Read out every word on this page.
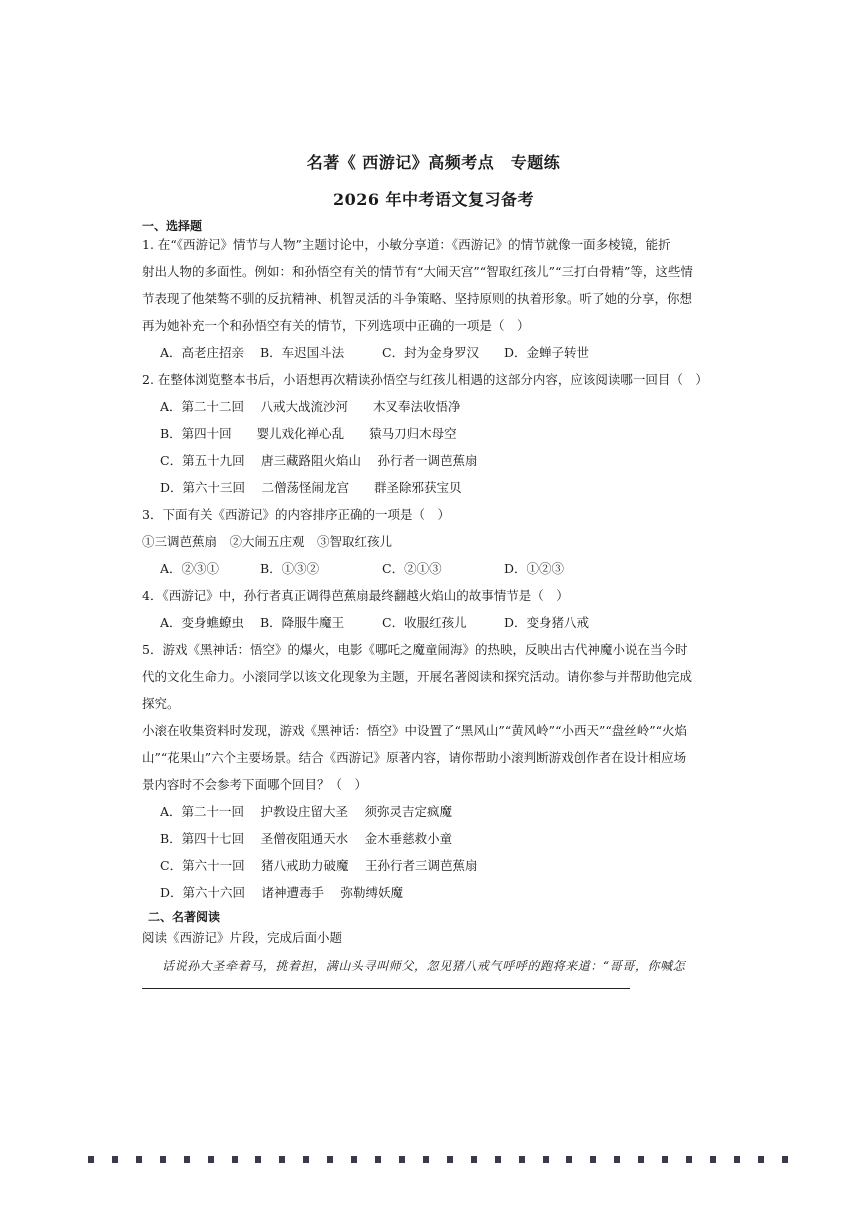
名著《 西游记》高频考点　专题练
2026 年中考语文复习备考
一、选择题
1. 在“《西游记》情节与人物”主题讨论中，小敏分享道：《西游记》的情节就像一面多棱镜，能折
射出人物的多面性。例如：和孙悟空有关的情节有“大闹天宫”“智取红孩儿”“三打白骨精”等，这些情
节表现了他桀骜不驯的反抗精神、机智灵活的斗争策略、坚持原则的执着形象。听了她的分享，你想
再为她补充一个和孙悟空有关的情节，下列选项中正确的一项是（　）
A．高老庄招亲 B．车迟国斗法	C．封为金身罗汉 D．金蝉子转世
2. 在整体浏览整本书后，小语想再次精读孙悟空与红孩儿相遇的这部分内容，应该阅读哪一回目（　）
A．第二十二回　 八戒大战流沙河　　木叉奉法收悟净
B．第四十回　　婴儿戏化禅心乱　　猿马刀归木母空
C．第五十九回　 唐三藏路阻火焰山　 孙行者一调芭蕉扇
D．第六十三回　 二僧荡怪闹龙宫　　群圣除邪获宝贝
3．下面有关《西游记》的内容排序正确的一项是（　）
①三调芭蕉扇　②大闹五庄观　③智取红孩儿
A．②③①	B．①③②	C．②①③	D．①②③
4．《西游记》中，孙行者真正调得芭蕉扇最终翻越火焰山的故事情节是（　）
A．变身蟭蟟虫 B．降服牛魔王	C．收服红孩儿	D．变身猪八戒
5．游戏《黑神话：悟空》的爆火，电影《哪吒之魔童闹海》的热映，反映出古代神魔小说在当今时
代的文化生命力。小滚同学以该文化现象为主题，开展名著阅读和探究活动。请你参与并帮助他完成
探究。
小滚在收集资料时发现，游戏《黑神话：悟空》中设置了“黑风山”“黄风岭”“小西天”“盘丝岭”“火焰
山”“花果山”六个主要场景。结合《西游记》原著内容，请你帮助小滚判断游戏创作者在设计相应场
景内容时不会参考下面哪个回目？（　）
A．第二十一回　 护教设庄留大圣　 须弥灵吉定疯魔
B．第四十七回　 圣僧夜阻通天水　 金木垂慈救小童
C．第六十一回　 猪八戒助力破魔　 王孙行者三调芭蕉扇
D．第六十六回　 诸神遭毒手　 弥勒缚妖魔
二、名著阅读
阅读《西游记》片段，完成后面小题
话说孙大圣牵着马，挑着担，满山头寻叫师父，忽见猪八戒气呼呼的跑将来道：“哥哥，你喊怎
